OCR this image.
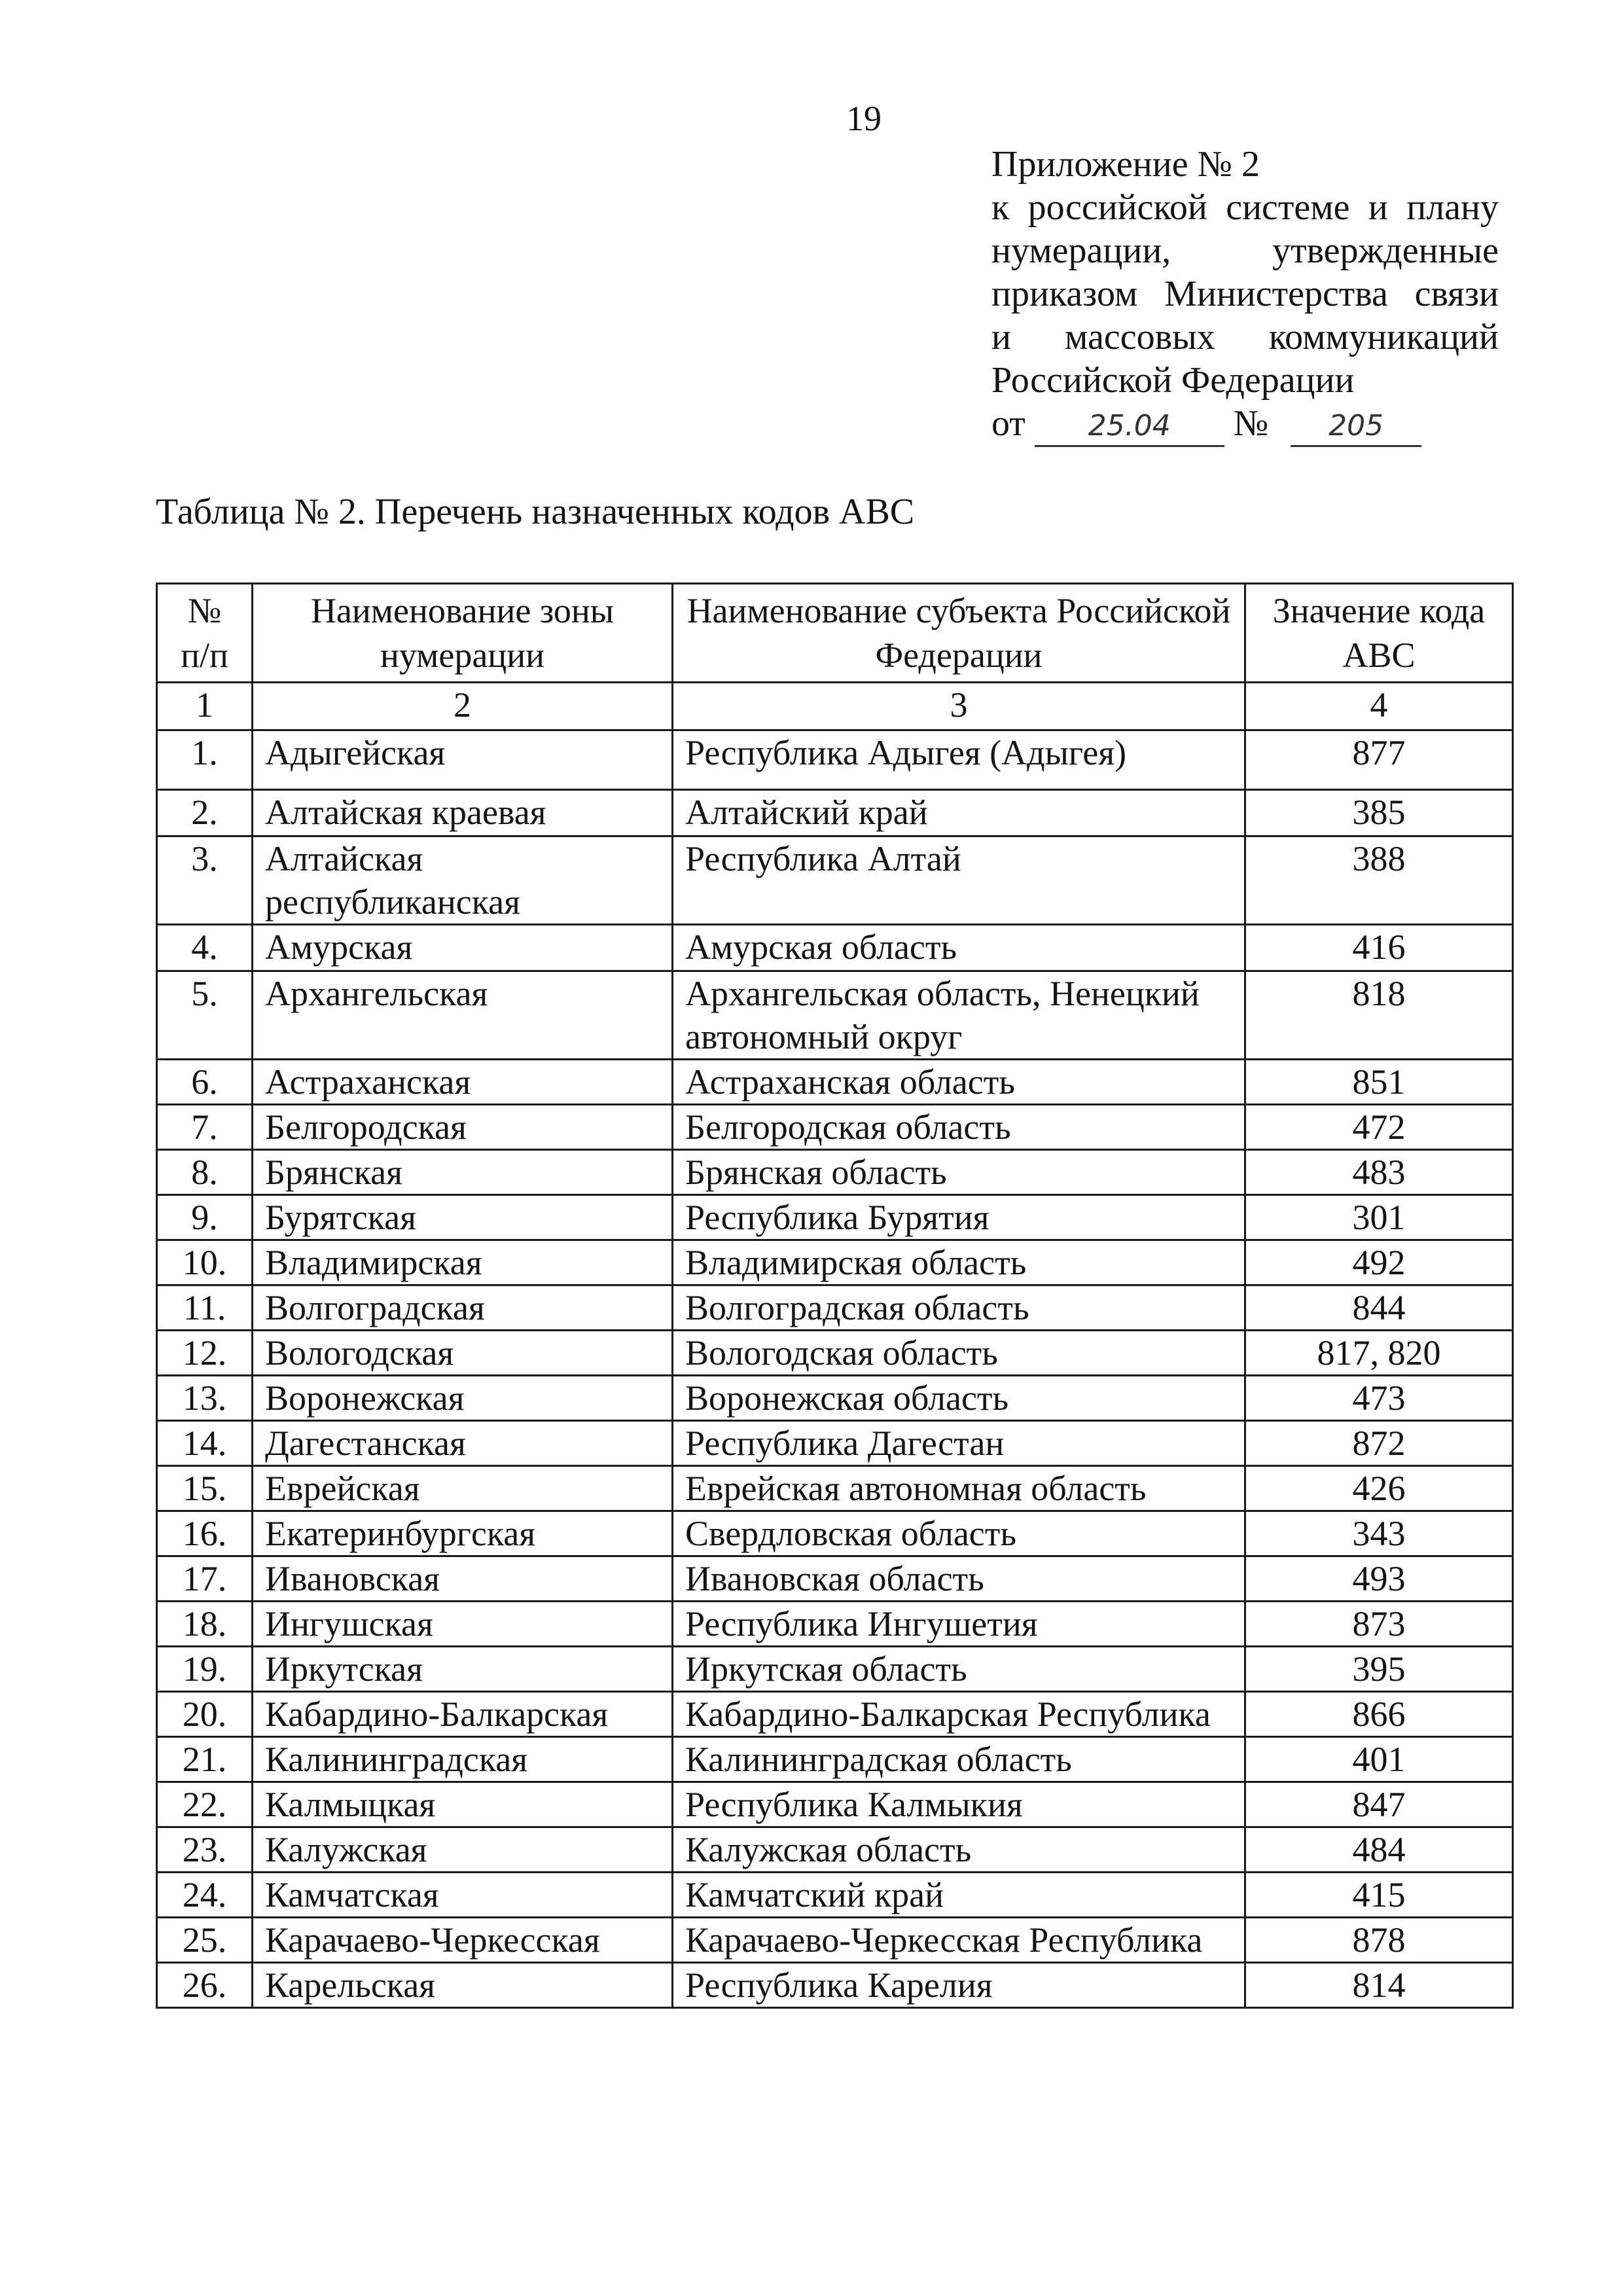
19
Приложение № 2
к российской системе и плану
нумерации, утвержденные
приказом Министерства связи
и массовых коммуникаций
Российской Федерации
от 25.04 № 205
Таблица № 2. Перечень назначенных кодов АВС
№ п/п	Наименование зоны нумерации	Наименование субъекта Российской Федерации	Значение кода АВС
1	2	3	4
1.	Адыгейская	Республика Адыгея (Адыгея)	877
2.	Алтайская краевая	Алтайский край	385
3.	Алтайская республиканская	Республика Алтай	388
4.	Амурская	Амурская область	416
5.	Архангельская	Архангельская область, Ненецкий автономный округ	818
6.	Астраханская	Астраханская область	851
7.	Белгородская	Белгородская область	472
8.	Брянская	Брянская область	483
9.	Бурятская	Республика Бурятия	301
10.	Владимирская	Владимирская область	492
11.	Волгоградская	Волгоградская область	844
12.	Вологодская	Вологодская область	817, 820
13.	Воронежская	Воронежская область	473
14.	Дагестанская	Республика Дагестан	872
15.	Еврейская	Еврейская автономная область	426
16.	Екатеринбургская	Свердловская область	343
17.	Ивановская	Ивановская область	493
18.	Ингушская	Республика Ингушетия	873
19.	Иркутская	Иркутская область	395
20.	Кабардино-Балкарская	Кабардино-Балкарская Республика	866
21.	Калининградская	Калининградская область	401
22.	Калмыцкая	Республика Калмыкия	847
23.	Калужская	Калужская область	484
24.	Камчатская	Камчатский край	415
25.	Карачаево-Черкесская	Карачаево-Черкесская Республика	878
26.	Карельская	Республика Карелия	814
